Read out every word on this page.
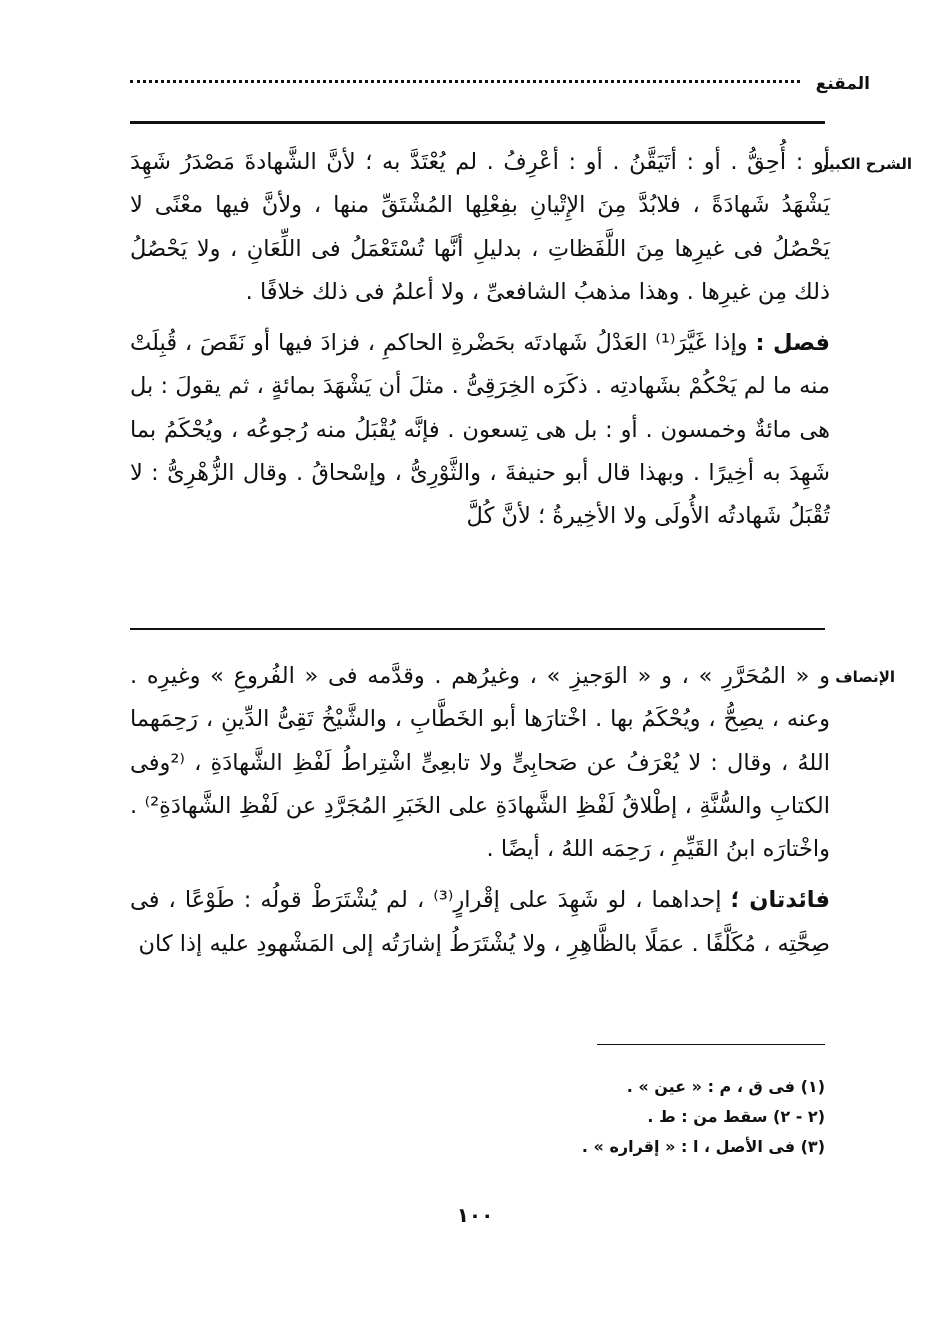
المقنع
الشرح الكبير

أو : أُحِقُّ . أو : أتَيَقَّنُ . أو : أعْرِفُ . لم يُعْتَدَّ به ؛ لأنَّ الشَّهادةَ مَصْدَرُ شَهِدَ يَشْهَدُ شَهادَةً ، فلابُدَّ مِنَ الإِتْيانِ بفِعْلِها المُشْتَقِّ منها ، ولأنَّ فيها معْنًى لا يَحْصُلُ فى غيرِها مِنَ اللَّفَظاتِ ، بدليلِ أنَّها تُسْتَعْمَلُ فى اللِّعَانِ ، ولا يَحْصُلُ ذلك مِن غيرِها . وهذا مذهبُ الشافعىِّ ، ولا أعلمُ فى ذلك خلافًا .

فصل : وإذا غَيَّرَ⁽¹⁾ العَدْلُ شَهادتَه بحَضْرةِ الحاكمِ ، فزادَ فيها أو نَقَصَ ، قُبِلَتْ منه ما لم يَحْكُمْ بشَهادتِه . ذكَرَه الخِرَقِىُّ . مثلَ أن يَشْهَدَ بمائةٍ ، ثم يقولَ : بل هى مائةٌ وخمسون . أو : بل هى تِسعون . فإنَّه يُقْبَلُ منه رُجوعُه ، ويُحْكَمُ بما شَهِدَ به أخِيرًا . وبهذا قال أبو حنيفةَ ، والثَّوْرِىُّ ، وإسْحاقُ . وقال الزُّهْرِىُّ : لا تُقْبَلُ شَهادتُه الأُولَى ولا الأخِيرةُ ؛ لأنَّ كُلَّ

الإنصاف

و « المُحَرَّرِ » ، و « الوَجيزِ » ، وغيرُهم . وقدَّمه فى « الفُروعِ » وغيرِه . وعنه ، يصِحُّ ، ويُحْكَمُ بها . اخْتارَها أبو الخَطَّابِ ، والشَّيْخُ تَقِىُّ الدِّينِ ، رَحِمَهما اللهُ ، وقال : لا يُعْرَفُ عن صَحابِىٍّ ولا تابعِىٍّ اشْتِراطُ لَفْظِ الشَّهادَةِ ، ⁽²وفى الكتابِ والسُّنَّةِ ، إطْلاقُ لَفْظِ الشَّهادَةِ على الخَبَرِ المُجَرَّدِ عن لَفْظِ الشَّهادَةِ²⁾ . واخْتارَه ابنُ القَيِّمِ ، رَحِمَه اللهُ ، أيضًا .

فائدتان ؛ إحداهما ، لو شَهِدَ على إقْرارٍ⁽³⁾ ، لم يُشْتَرَطْ قولُه : طَوْعًا ، فى صِحَّتِه ، مُكَلَّفًا . عمَلًا بالظَّاهِرِ ، ولا يُشْتَرَطُ إشارَتُه إلى المَشْهودِ عليه إذا كان

(١) فى ق ، م : « عين » .
(٢ - ٢) سقط من : ط .
(٣) فى الأصل ، ا : « إقراره » .
١٠٠
